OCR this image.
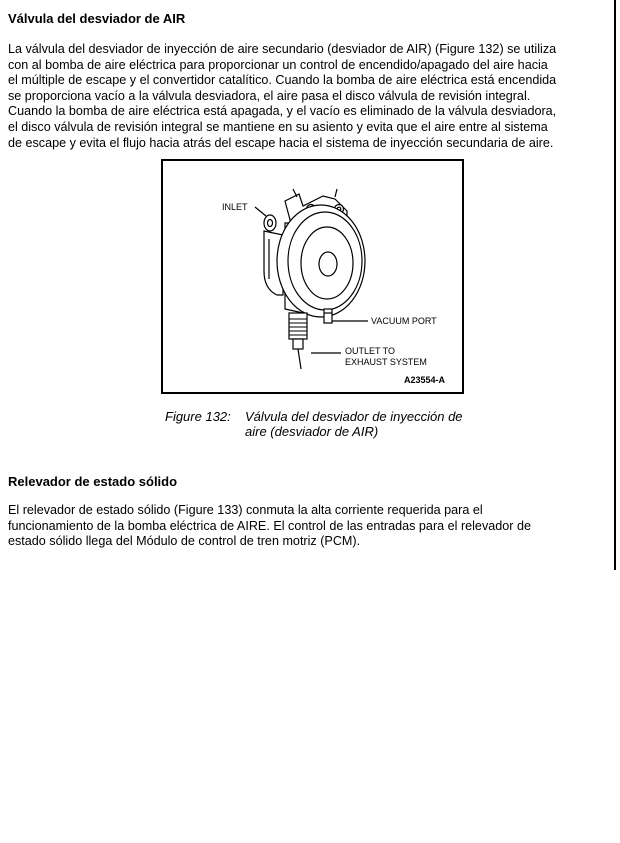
Válvula del desviador de AIR

La válvula del desviador de inyección de aire secundario (desviador de AIR) (Figure 132) se utiliza
con al bomba de aire eléctrica para proporcionar un control de encendido/apagado del aire hacia
el múltiple de escape y el convertidor catalítico. Cuando la bomba de aire eléctrica está encendida
se proporciona vacío a la válvula desviadora, el aire pasa el disco válvula de revisión integral.
Cuando la bomba de aire eléctrica está apagada, y el vacío es eliminado de la válvula desviadora,
el disco válvula de revisión integral se mantiene en su asiento y evita que el aire entre al sistema
de escape y evita el flujo hacia atrás del escape hacia el sistema de inyección secundaria de aire.

INLET
VACUUM PORT
OUTLET TO
EXHAUST SYSTEM
A23554-A
Figure 132: Válvula del desviador de inyección de aire (desviador de AIR)
Relevador de estado sólido

El relevador de estado sólido (Figure 133) conmuta la alta corriente requerida para el
funcionamiento de la bomba eléctrica de AIRE. El control de las entradas para el relevador de
estado sólido llega del Módulo de control de tren motriz (PCM).
